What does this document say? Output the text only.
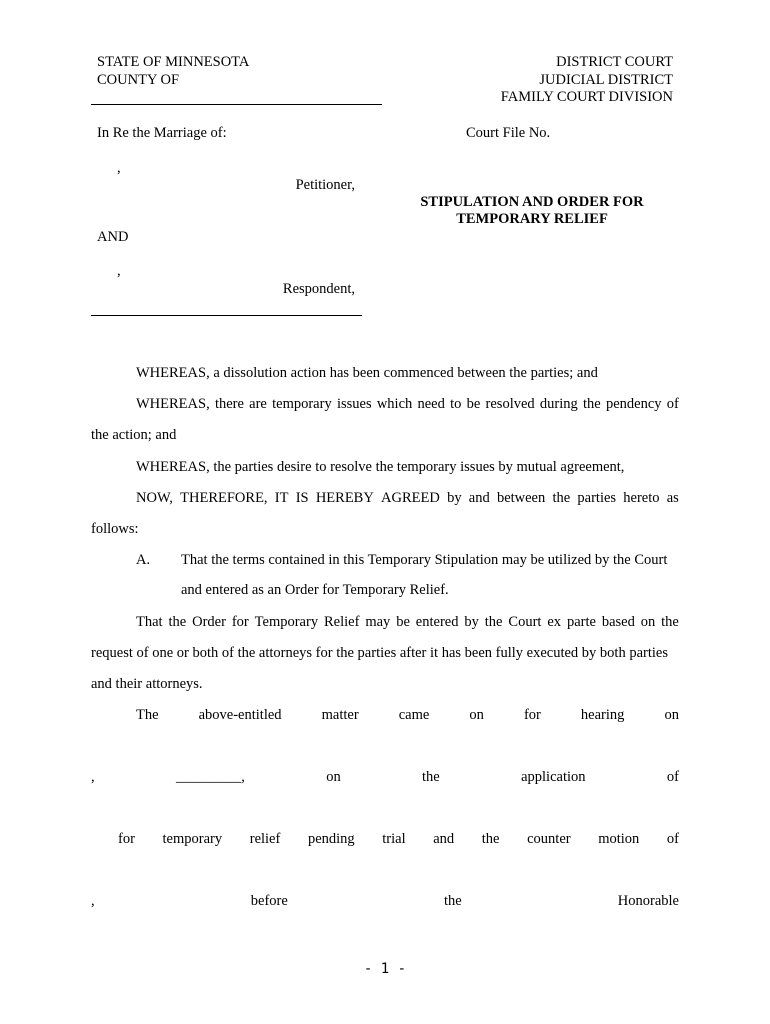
STATE OF MINNESOTA
COUNTY OF
DISTRICT COURT
JUDICIAL DISTRICT
FAMILY COURT DIVISION
In Re the Marriage of:	Court File No.
,
Petitioner,
STIPULATION AND ORDER FOR
TEMPORARY RELIEF
AND
,
Respondent,
WHEREAS, a dissolution action has been commenced between the parties; and
WHEREAS, there are temporary issues which need to be resolved during the pendency of
the action; and
WHEREAS, the parties desire to resolve the temporary issues by mutual agreement,
NOW, THEREFORE, IT IS HEREBY AGREED by and between the parties hereto as
follows:
A. That the terms contained in this Temporary Stipulation may be utilized by the Court
and entered as an Order for Temporary Relief.
That the Order for Temporary Relief may be entered by the Court ex parte based on the
request of one or both of the attorneys for the parties after it has been fully executed by both parties
and their attorneys.
The	above-entitled	matter	came	on	for	hearing	on
,	_________,	on	the	application	of
for temporary relief pending trial and the counter motion of
,	before	the	Honorable
- 1 -
